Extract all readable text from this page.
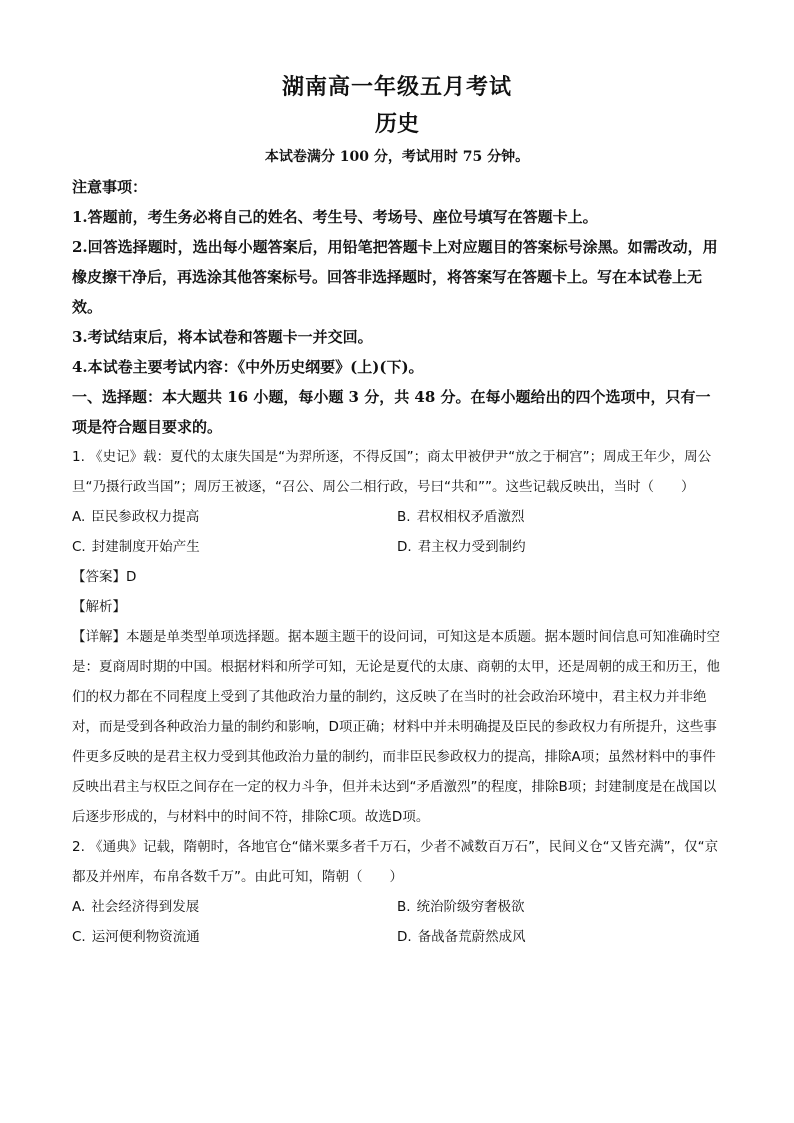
湖南高一年级五月考试
历史
本试卷满分 100 分，考试用时 75 分钟。
注意事项：

1.答题前，考生务必将自己的姓名、考生号、考场号、座位号填写在答题卡上。

2.回答选择题时，选出每小题答案后，用铅笔把答题卡上对应题目的答案标号涂黑。如需改动，用橡皮擦干净后，再选涂其他答案标号。回答非选择题时，将答案写在答题卡上。写在本试卷上无效。

3.考试结束后，将本试卷和答题卡一并交回。

4.本试卷主要考试内容：《中外历史纲要》(上)(下)。

一、选择题：本大题共 16 小题，每小题 3 分，共 48 分。在每小题给出的四个选项中，只有一项是符合题目要求的。

1. 《史记》载：夏代的太康失国是“为羿所逐，不得反国”；商太甲被伊尹“放之于桐宫”；周成王年少，周公旦“乃摄行政当国”；周厉王被逐，“召公、周公二相行政，号曰“共和””。这些记载反映出，当时（　　）

A. 臣民参政权力提高	B. 君权相权矛盾激烈
C. 封建制度开始产生	D. 君主权力受到制约
【答案】D
【解析】

【详解】本题是单类型单项选择题。据本题主题干的设问词，可知这是本质题。据本题时间信息可知准确时空是：夏商周时期的中国。根据材料和所学可知，无论是夏代的太康、商朝的太甲，还是周朝的成王和历王，他们的权力都在不同程度上受到了其他政治力量的制约，这反映了在当时的社会政治环境中，君主权力并非绝对，而是受到各种政治力量的制约和影响，D项正确；材料中并未明确提及臣民的参政权力有所提升，这些事件更多反映的是君主权力受到其他政治力量的制约，而非臣民参政权力的提高，排除A项；虽然材料中的事件反映出君主与权臣之间存在一定的权力斗争，但并未达到“矛盾激烈”的程度，排除B项；封建制度是在战国以后逐步形成的，与材料中的时间不符，排除C项。故选D项。

2. 《通典》记载，隋朝时，各地官仓“储米粟多者千万石，少者不减数百万石”，民间义仓“又皆充满”，仅“京都及并州库，布帛各数千万”。由此可知，隋朝（　　）

A. 社会经济得到发展	B. 统治阶级穷奢极欲
C. 运河便利物资流通	D. 备战备荒蔚然成风
